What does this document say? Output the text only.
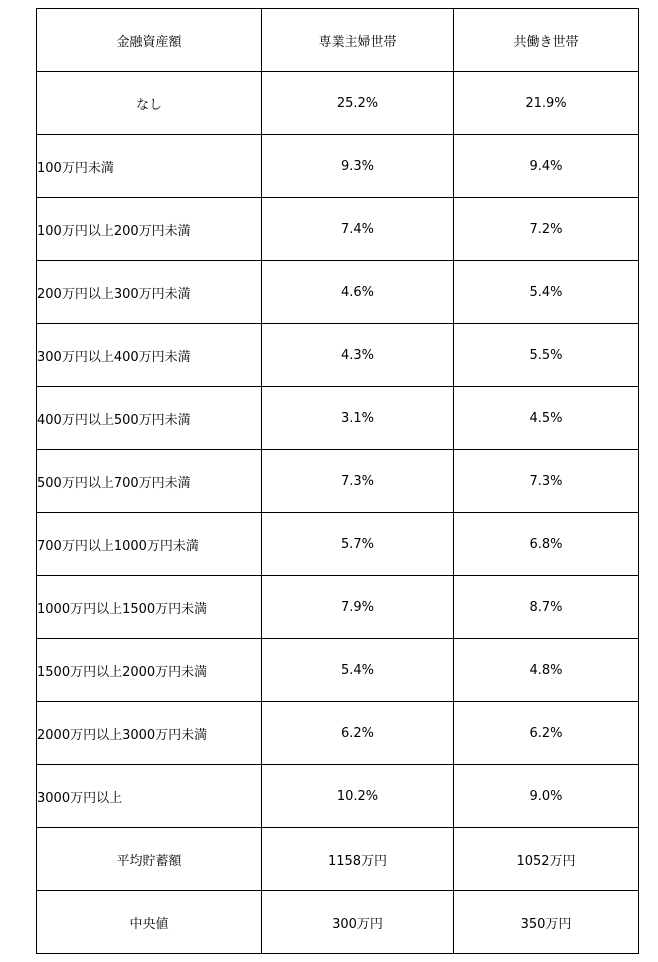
金融資産額	専業主婦世帯	共働き世帯
なし	25.2%	21.9%
100万円未満	9.3%	9.4%
100万円以上200万円未満	7.4%	7.2%
200万円以上300万円未満	4.6%	5.4%
300万円以上400万円未満	4.3%	5.5%
400万円以上500万円未満	3.1%	4.5%
500万円以上700万円未満	7.3%	7.3%
700万円以上1000万円未満	5.7%	6.8%
1000万円以上1500万円未満	7.9%	8.7%
1500万円以上2000万円未満	5.4%	4.8%
2000万円以上3000万円未満	6.2%	6.2%
3000万円以上	10.2%	9.0%
平均貯蓄額	1158万円	1052万円
中央値	300万円	350万円
